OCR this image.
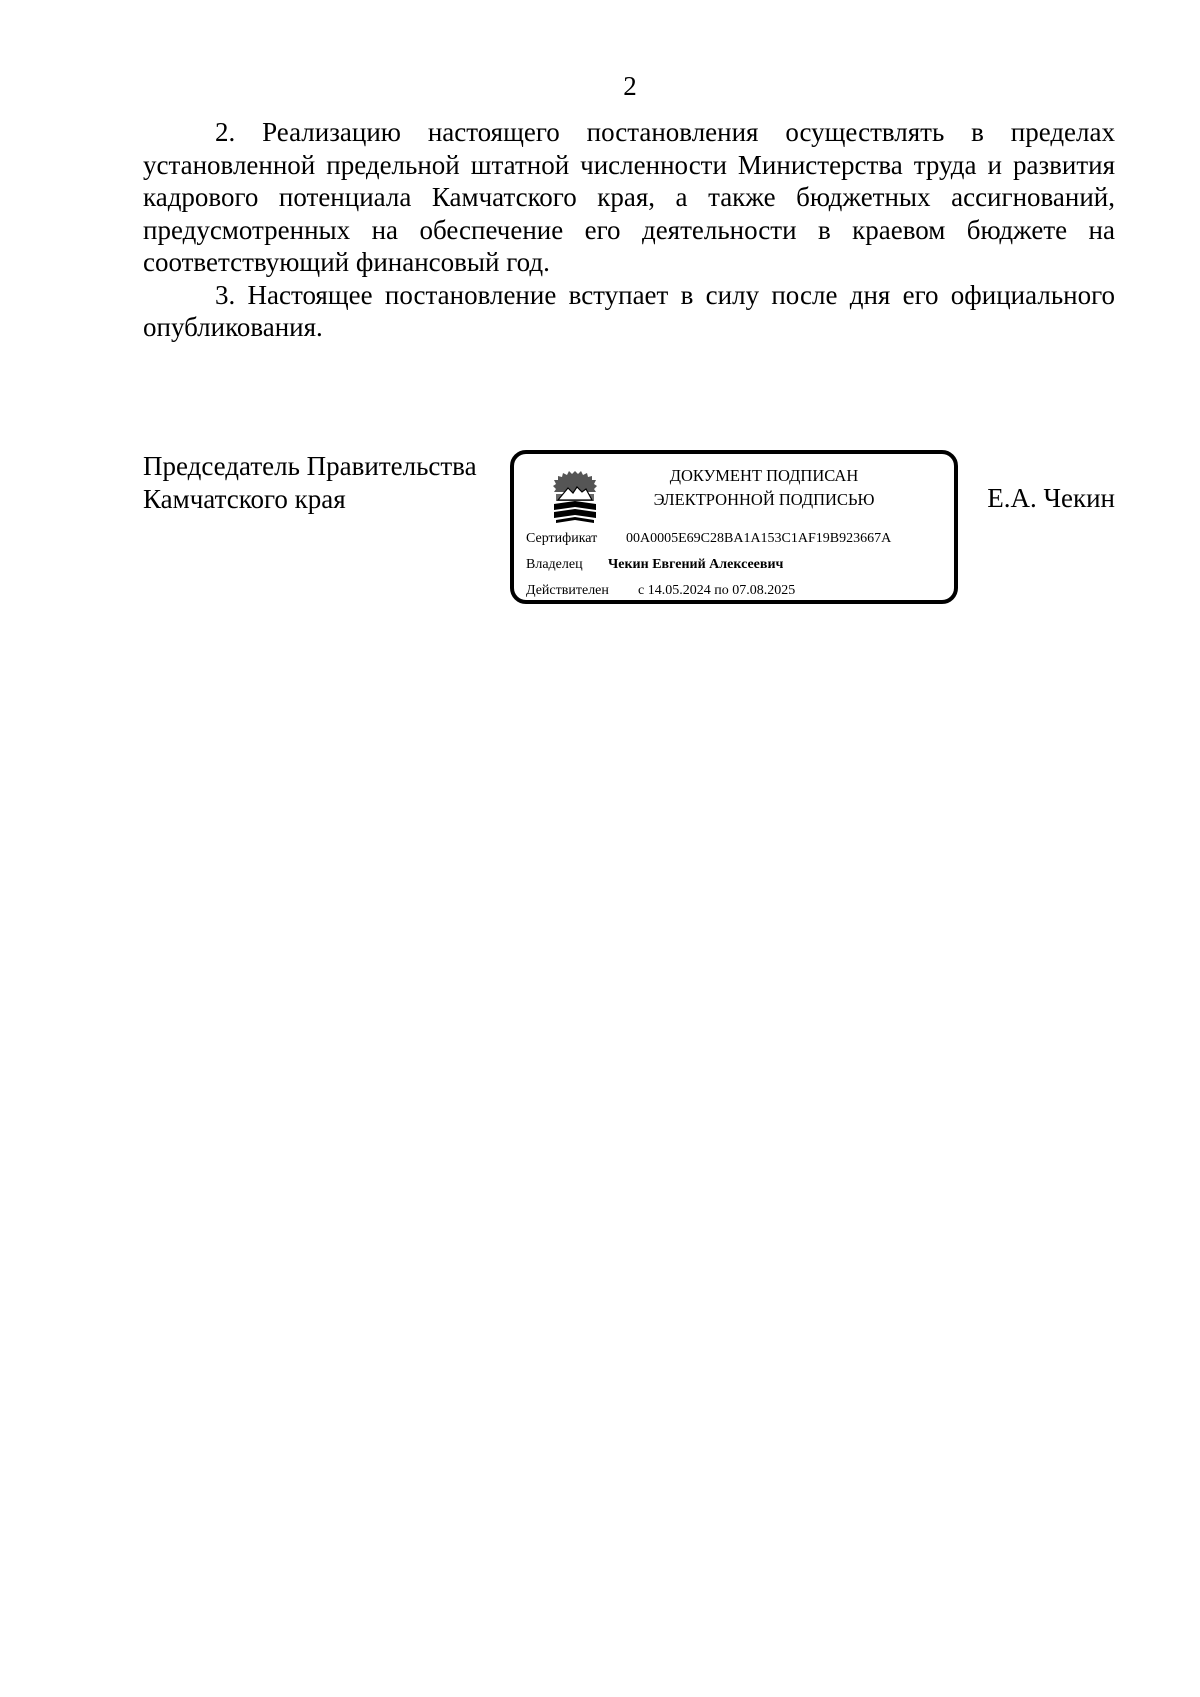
2

2. Реализацию настоящего постановления осуществлять в пределах установленной предельной штатной численности Министерства труда и развития кадрового потенциала Камчатского края, а также бюджетных ассигнований, предусмотренных на обеспечение его деятельности в краевом бюджете на соответствующий финансовый год.

3. Настоящее постановление вступает в силу после дня его официального опубликования.

Председатель Правительства
Камчатского края
ДОКУМЕНТ ПОДПИСАН
ЭЛЕКТРОННОЙ ПОДПИСЬЮ
Сертификат 00A0005E69C28BA1A153C1AF19B923667A
Владелец Чекин Евгений Алексеевич
Действителен с 14.05.2024 по 07.08.2025
Е.А. Чекин
